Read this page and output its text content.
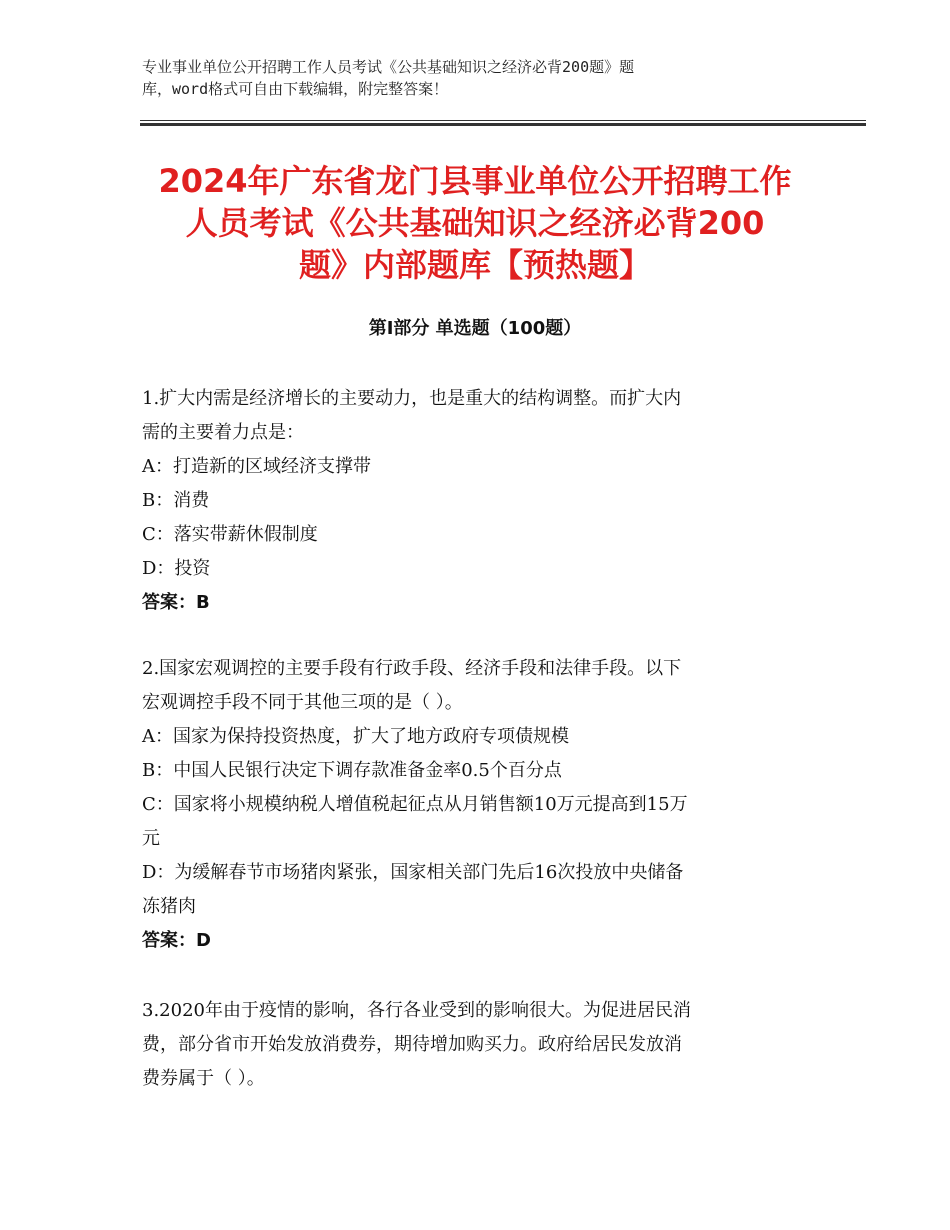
专业事业单位公开招聘工作人员考试《公共基础知识之经济必背200题》题
库，word格式可自由下载编辑，附完整答案！
2024年广东省龙门县事业单位公开招聘工作
人员考试《公共基础知识之经济必背200
题》内部题库【预热题】
第I部分 单选题（100题）
1.扩大内需是经济增长的主要动力，也是重大的结构调整。而扩大内
需的主要着力点是：
A：打造新的区域经济支撑带
B：消费
C：落实带薪休假制度
D：投资
答案：B
2.国家宏观调控的主要手段有行政手段、经济手段和法律手段。以下
宏观调控手段不同于其他三项的是（ ）。
A：国家为保持投资热度，扩大了地方政府专项债规模
B：中国人民银行决定下调存款准备金率0.5个百分点
C：国家将小规模纳税人增值税起征点从月销售额10万元提高到15万
元
D：为缓解春节市场猪肉紧张，国家相关部门先后16次投放中央储备
冻猪肉
答案：D
3.2020年由于疫情的影响，各行各业受到的影响很大。为促进居民消
费，部分省市开始发放消费券，期待增加购买力。政府给居民发放消
费券属于（ ）。
